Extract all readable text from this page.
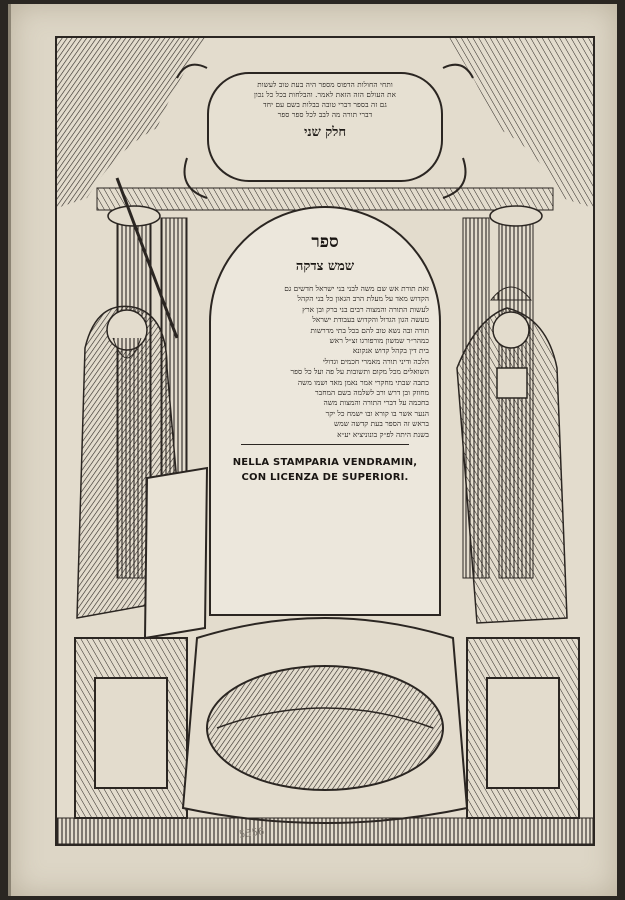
ותחי החולות הדפוס מספר היה בעת טוב לעשות
את העולם הזה הזאת לאמר. והבלחות בכל כל נכון
גם זה בספר דברי טובה בבלות בשם עם יחד
דברי תורה מה לבב לכל ספר ספר
חלק שני
ספר
שמש צדקה
זאת תורת אש שם משה לבני בני ישראל חדשים גם
הקדוש מאד על מעלת הרב הגאון כל בני הקהל
לעשות התורה והמצוה רבים בני ברק ובן ארץ
מעשה הגון הגדול והקדוש בעבודת ישראל
תורה ובה נשא טוב להם בכל בתי מדרשות
כמהר״ר שמשון מורפורגו זצ״ל ראש
בית דין בקהל קדוש אנקונא
הלכה ודיני תורה מאמרי חכמים וגדולי
השואלים מכל מקום ותשובות על פה ועל כל ספר
כתבה שבתי מחקרי אמר נאמן מאד ושמו משה
מחוזק ובן דרש ורב לשלמה בשם המחבר
בחכמה על דברי התורה והמצות משה
הנער אשר בו קורא ובו ישמח כל יקר
בראש זה הספר בעת קדשה שמש
בשנת היתה לפ״ק בונוניציא יע״א
NELLA STAMPARIA VENDRAMIN,
CON LICENZA DE SUPERIORI.
5556
